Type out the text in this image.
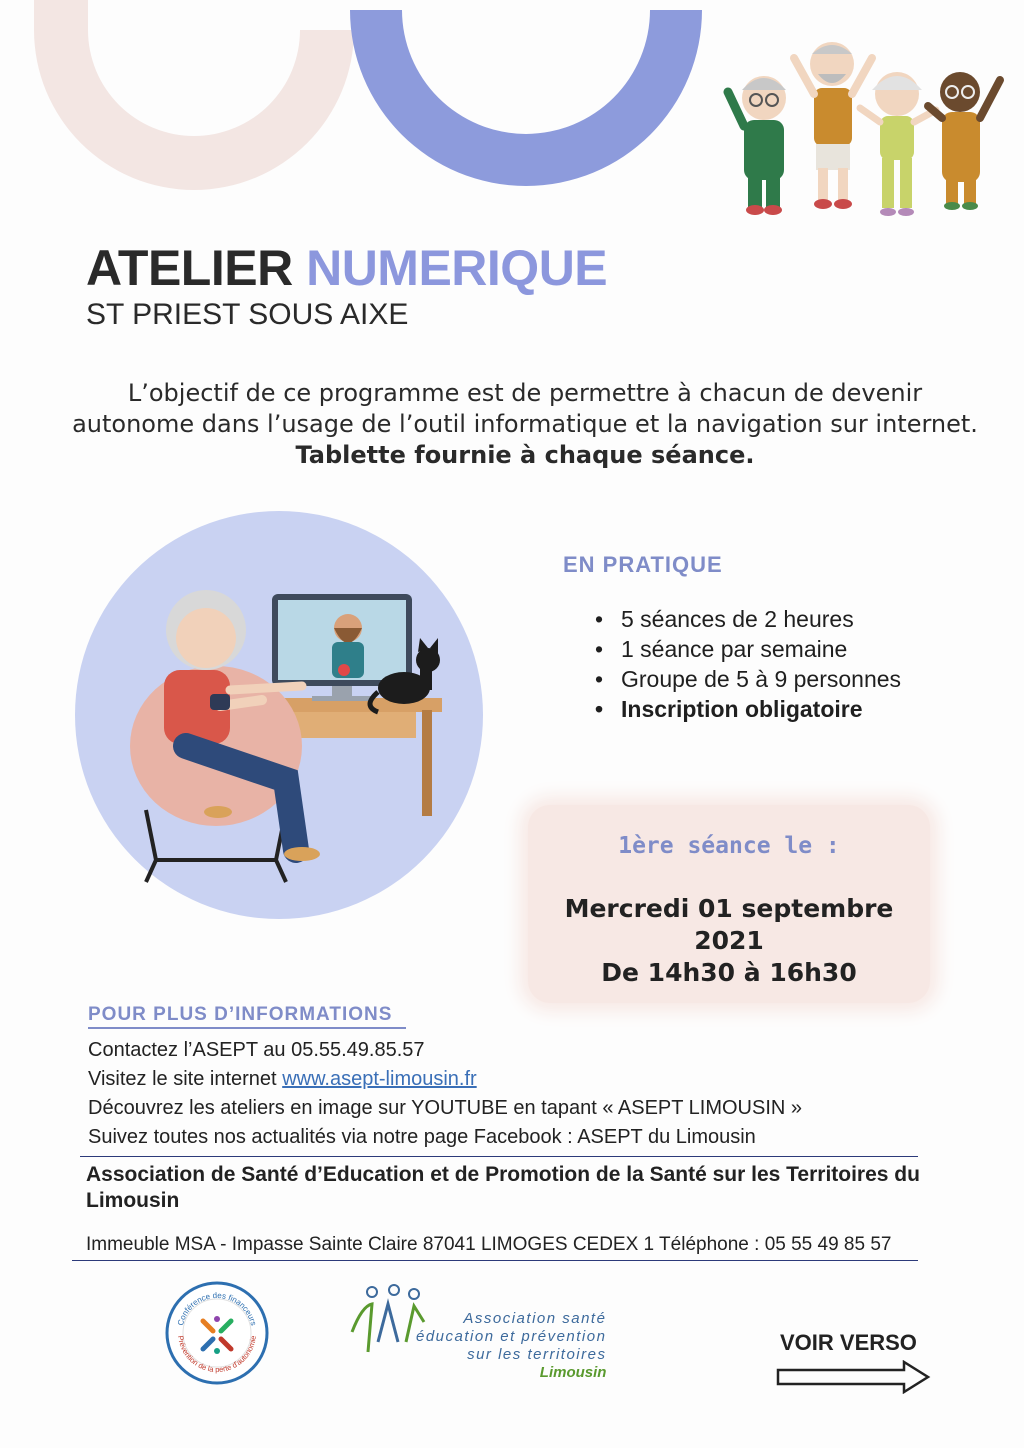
ATELIER NUMERIQUE
ST PRIEST SOUS AIXE
L’objectif de ce programme est de permettre à chacun de devenir
autonome dans l’usage de l’outil informatique et la navigation sur internet.
Tablette fournie à chaque séance.
EN PRATIQUE
• 5 séances de 2 heures
• 1 séance par semaine
• Groupe de 5 à 9 personnes
• Inscription obligatoire
1ère séance le :
Mercredi 01 septembre 2021
De 14h30 à 16h30
POUR PLUS D’INFORMATIONS
Contactez l’ASEPT au 05.55.49.85.57
Visitez le site internet www.asept-limousin.fr
Découvrez les ateliers en image sur YOUTUBE en tapant « ASEPT LIMOUSIN »
Suivez toutes nos actualités via notre page Facebook : ASEPT du Limousin
Association de Santé d’Education et de Promotion de la Santé sur les Territoires du Limousin
Immeuble MSA - Impasse Sainte Claire 87041 LIMOGES CEDEX 1 Téléphone : 05 55 49 85 57
Conférence des financeurs
Prévention de la perte d'autonomie
Association santé
éducation et prévention
sur les territoires
Limousin
VOIR VERSO
